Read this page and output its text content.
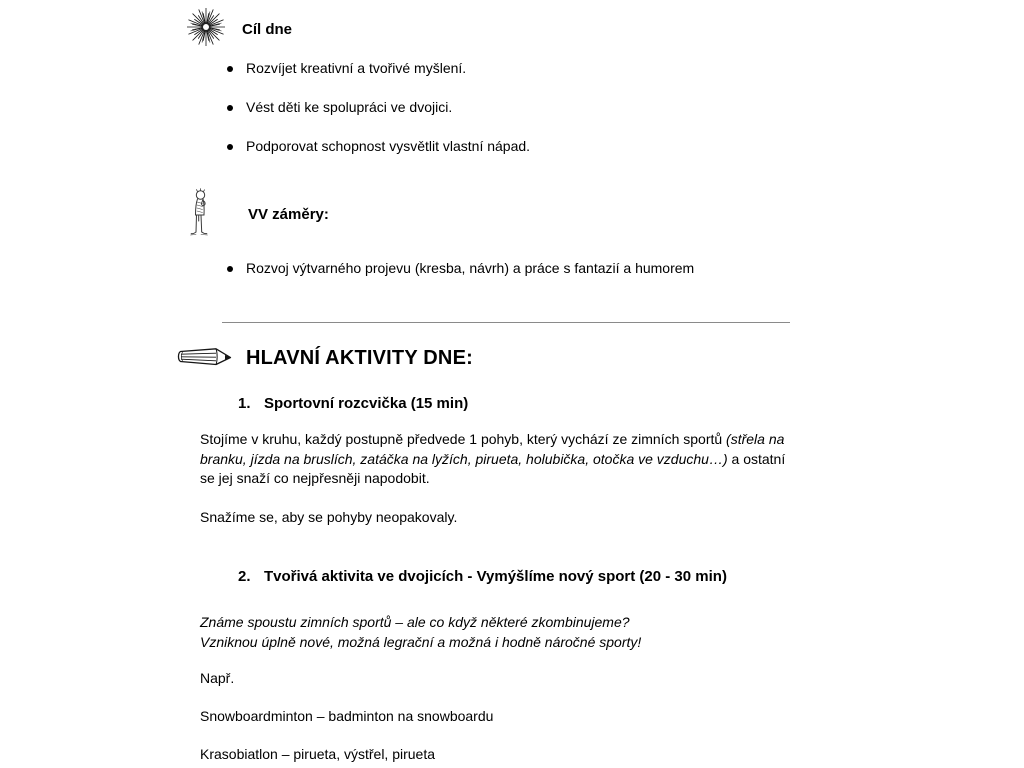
Cíl dne
Rozvíjet kreativní a tvořivé myšlení.
Vést děti ke spolupráci ve dvojici.
Podporovat schopnost vysvětlit vlastní nápad.
VV záměry:
Rozvoj výtvarného projevu (kresba, návrh) a práce s fantazií a humorem
HLAVNÍ AKTIVITY DNE:
1. Sportovní rozcvička (15 min)
Stojíme v kruhu, každý postupně předvede 1 pohyb, který vychází ze zimních sportů (střela na branku, jízda na bruslích, zatáčka na lyžích, pirueta, holubička, otočka ve vzduchu…) a ostatní se jej snaží co nejpřesněji napodobit.
Snažíme se, aby se pohyby neopakovaly.
2. Tvořivá aktivita ve dvojicích - Vymýšlíme nový sport (20 - 30 min)
Známe spoustu zimních sportů – ale co když některé zkombinujeme?
Vzniknou úplně nové, možná legrační a možná i hodně náročné sporty!
Např.
Snowboardminton – badminton na snowboardu
Krasobiatlon – pirueta, výstřel, pirueta
